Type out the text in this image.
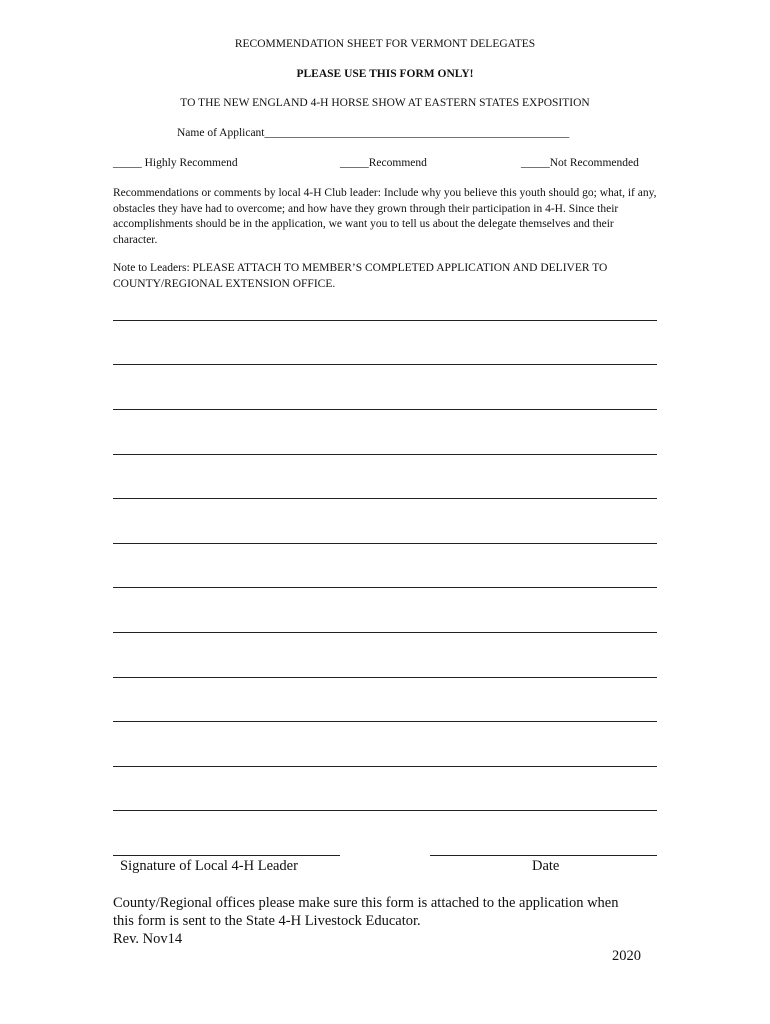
RECOMMENDATION SHEET FOR VERMONT DELEGATES
PLEASE USE THIS FORM ONLY!
TO THE NEW ENGLAND 4-H HORSE SHOW AT EASTERN STATES EXPOSITION
Name of Applicant_____________________________________________________
_____ Highly Recommend	_____Recommend	_____Not Recommended
Recommendations or comments by local 4-H Club leader: Include why you believe this youth should go; what, if any, obstacles they have had to overcome; and how have they grown through their participation in 4-H. Since their accomplishments should be in the application, we want you to tell us about the delegate themselves and their character.
Note to Leaders: PLEASE ATTACH TO MEMBER’S COMPLETED APPLICATION AND DELIVER TO COUNTY/REGIONAL EXTENSION OFFICE.
Signature of Local 4-H Leader	Date
County/Regional offices please make sure this form is attached to the application when
this form is sent to the State 4-H Livestock Educator.
Rev. Nov14
2020
